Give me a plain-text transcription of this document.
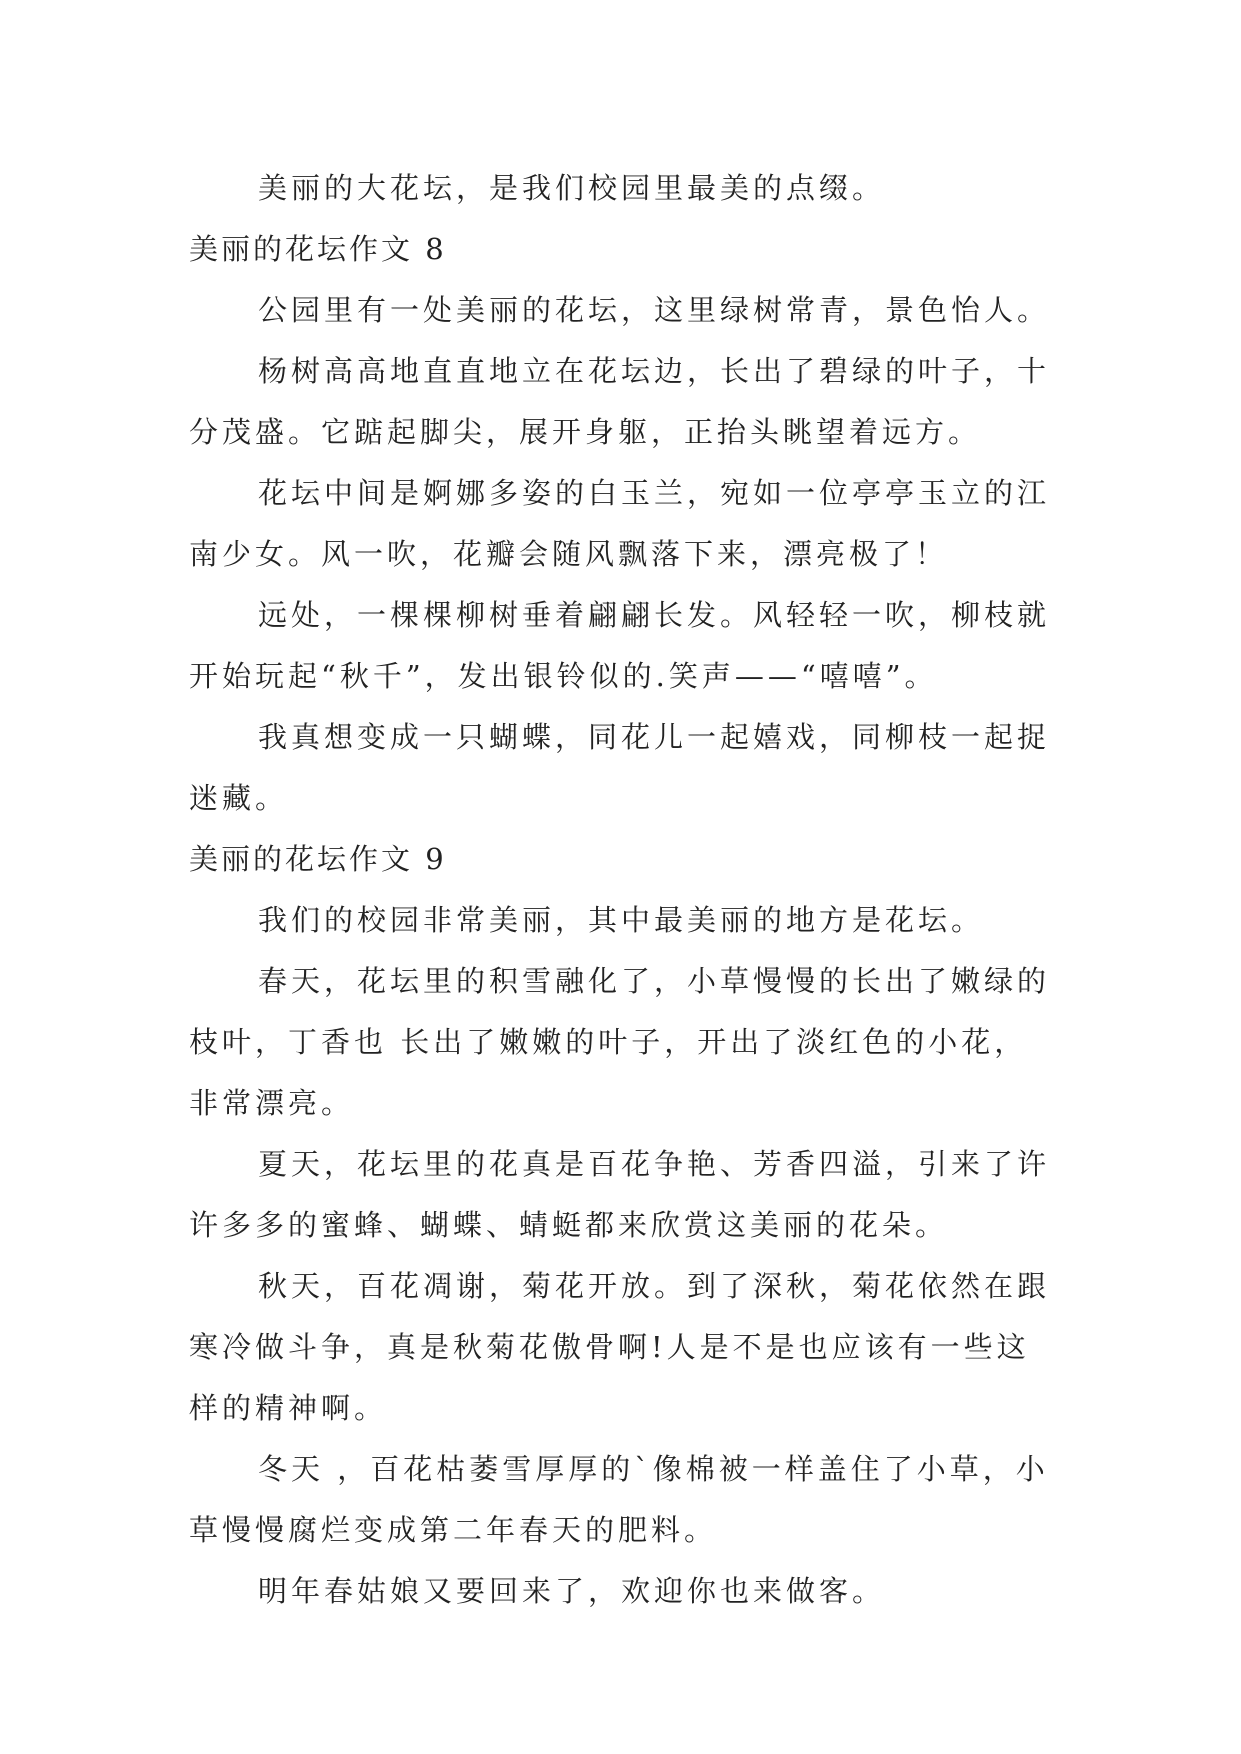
美丽的大花坛，是我们校园里最美的点缀。
美丽的花坛作文 8
公园里有一处美丽的花坛，这里绿树常青，景色怡人。
杨树高高地直直地立在花坛边，长出了碧绿的叶子，十
分茂盛。它踮起脚尖，展开身躯，正抬头眺望着远方。
花坛中间是婀娜多姿的白玉兰，宛如一位亭亭玉立的江
南少女。风一吹，花瓣会随风飘落下来，漂亮极了！
远处，一棵棵柳树垂着翩翩长发。风轻轻一吹，柳枝就
开始玩起“秋千”，发出银铃似的.笑声——“嘻嘻”。
我真想变成一只蝴蝶，同花儿一起嬉戏，同柳枝一起捉
迷藏。
美丽的花坛作文 9
我们的校园非常美丽，其中最美丽的地方是花坛。
春天，花坛里的积雪融化了，小草慢慢的长出了嫩绿的
枝叶，丁香也 长出了嫩嫩的叶子，开出了淡红色的小花，
非常漂亮。
夏天，花坛里的花真是百花争艳、芳香四溢，引来了许
许多多的蜜蜂、蝴蝶、蜻蜓都来欣赏这美丽的花朵。
秋天，百花凋谢，菊花开放。到了深秋，菊花依然在跟
寒冷做斗争，真是秋菊花傲骨啊!人是不是也应该有一些这
样的精神啊。
冬天 ，百花枯萎雪厚厚的`像棉被一样盖住了小草，小
草慢慢腐烂变成第二年春天的肥料。
明年春姑娘又要回来了，欢迎你也来做客。
